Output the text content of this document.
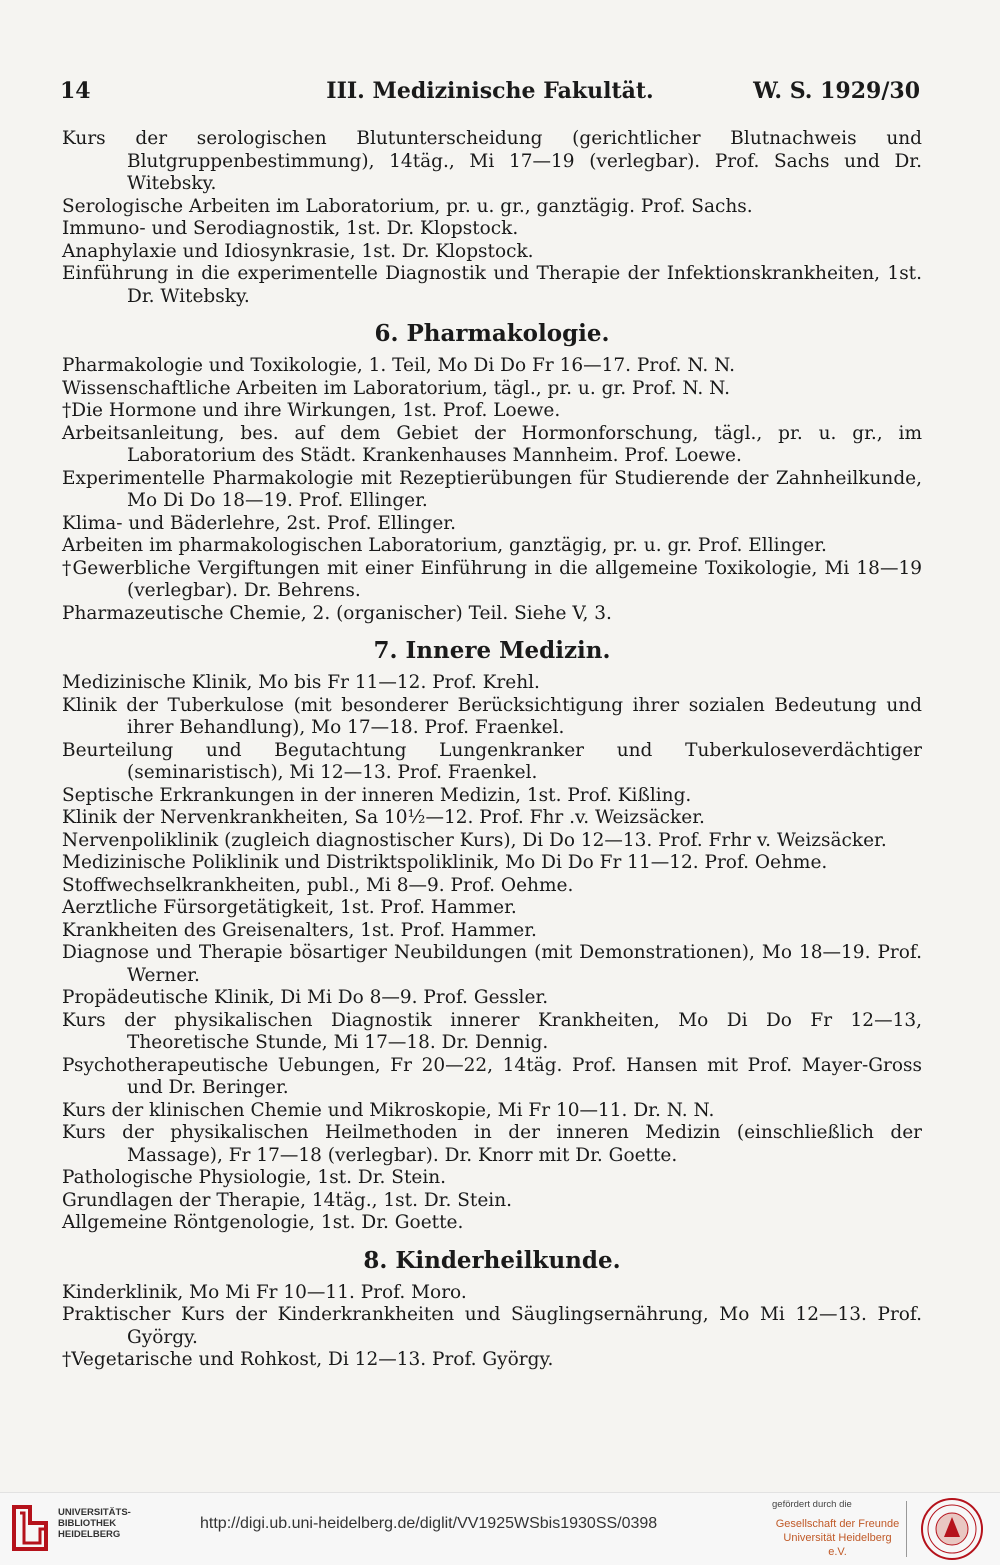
14	III. Medizinische Fakultät.	W. S. 1929/30
Kurs der serologischen Blutunterscheidung (gerichtlicher Blutnachweis und Blutgruppenbestimmung), 14täg., Mi 17—19 (verlegbar). Prof. Sachs und Dr. Witebsky.
Serologische Arbeiten im Laboratorium, pr. u. gr., ganztägig. Prof. Sachs.
Immuno- und Serodiagnostik, 1st. Dr. Klopstock.
Anaphylaxie und Idiosynkrasie, 1st. Dr. Klopstock.
Einführung in die experimentelle Diagnostik und Therapie der Infektionskrankheiten, 1st. Dr. Witebsky.
6. Pharmakologie.
Pharmakologie und Toxikologie, 1. Teil, Mo Di Do Fr 16—17. Prof. N. N.
Wissenschaftliche Arbeiten im Laboratorium, tägl., pr. u. gr. Prof. N. N.
†Die Hormone und ihre Wirkungen, 1st. Prof. Loewe.
Arbeitsanleitung, bes. auf dem Gebiet der Hormonforschung, tägl., pr. u. gr., im Laboratorium des Städt. Krankenhauses Mannheim. Prof. Loewe.
Experimentelle Pharmakologie mit Rezeptierübungen für Studierende der Zahnheilkunde, Mo Di Do 18—19. Prof. Ellinger.
Klima- und Bäderlehre, 2st. Prof. Ellinger.
Arbeiten im pharmakologischen Laboratorium, ganztägig, pr. u. gr. Prof. Ellinger.
†Gewerbliche Vergiftungen mit einer Einführung in die allgemeine Toxikologie, Mi 18—19 (verlegbar). Dr. Behrens.
Pharmazeutische Chemie, 2. (organischer) Teil. Siehe V, 3.
7. Innere Medizin.
Medizinische Klinik, Mo bis Fr 11—12. Prof. Krehl.
Klinik der Tuberkulose (mit besonderer Berücksichtigung ihrer sozialen Bedeutung und ihrer Behandlung), Mo 17—18. Prof. Fraenkel.
Beurteilung und Begutachtung Lungenkranker und Tuberkuloseverdächtiger (seminaristisch), Mi 12—13. Prof. Fraenkel.
Septische Erkrankungen in der inneren Medizin, 1st. Prof. Kißling.
Klinik der Nervenkrankheiten, Sa 10½—12. Prof. Fhr .v. Weizsäcker.
Nervenpoliklinik (zugleich diagnostischer Kurs), Di Do 12—13. Prof. Frhr v. Weizsäcker.
Medizinische Poliklinik und Distriktspoliklinik, Mo Di Do Fr 11—12. Prof. Oehme.
Stoffwechselkrankheiten, publ., Mi 8—9. Prof. Oehme.
Aerztliche Fürsorgetätigkeit, 1st. Prof. Hammer.
Krankheiten des Greisenalters, 1st. Prof. Hammer.
Diagnose und Therapie bösartiger Neubildungen (mit Demonstrationen), Mo 18—19. Prof. Werner.
Propädeutische Klinik, Di Mi Do 8—9. Prof. Gessler.
Kurs der physikalischen Diagnostik innerer Krankheiten, Mo Di Do Fr 12—13, Theoretische Stunde, Mi 17—18. Dr. Dennig.
Psychotherapeutische Uebungen, Fr 20—22, 14täg. Prof. Hansen mit Prof. Mayer-Gross und Dr. Beringer.
Kurs der klinischen Chemie und Mikroskopie, Mi Fr 10—11. Dr. N. N.
Kurs der physikalischen Heilmethoden in der inneren Medizin (einschließlich der Massage), Fr 17—18 (verlegbar). Dr. Knorr mit Dr. Goette.
Pathologische Physiologie, 1st. Dr. Stein.
Grundlagen der Therapie, 14täg., 1st. Dr. Stein.
Allgemeine Röntgenologie, 1st. Dr. Goette.
8. Kinderheilkunde.
Kinderklinik, Mo Mi Fr 10—11. Prof. Moro.
Praktischer Kurs der Kinderkrankheiten und Säuglingsernährung, Mo Mi 12—13. Prof. György.
†Vegetarische und Rohkost, Di 12—13. Prof. György.
UNIVERSITÄTS- BIBLIOTHEK HEIDELBERG
http://digi.ub.uni-heidelberg.de/diglit/VV1925WSbis1930SS/0398
gefördert durch die
Gesellschaft der Freunde Universität Heidelberg e.V.
